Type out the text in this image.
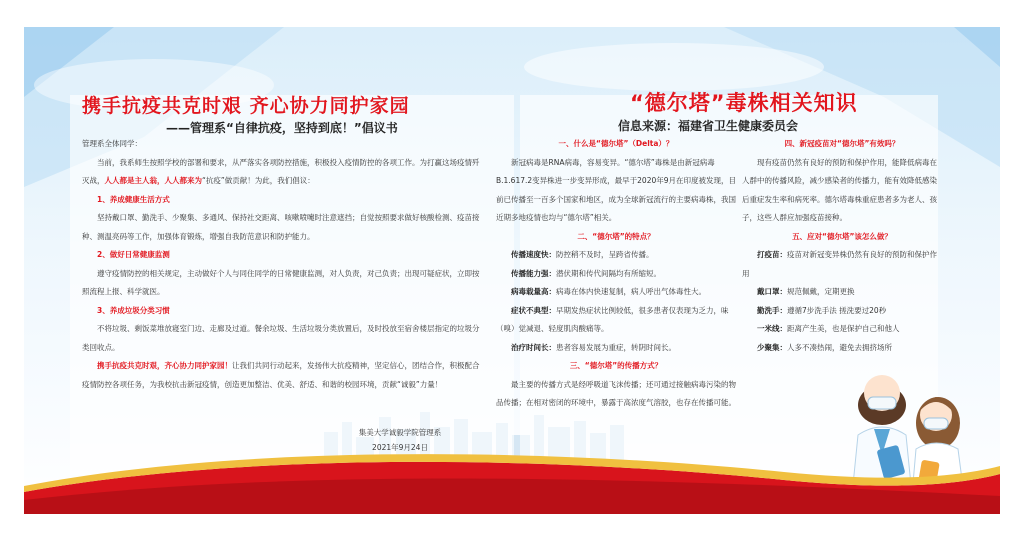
携手抗疫共克时艰 齐心协力同护家园
——管理系“自律抗疫，坚持到底！”倡议书

管理系全体同学：

当前，我系师生按照学校的部署和要求，从严落实各项防控措施，积极投入疫情防控的各项工作。为打赢这场疫情歼灭战，人人都是主人翁，人人都来为“抗疫”做贡献！为此，我们倡议：

1、养成健康生活方式

坚持戴口罩、勤洗手、少聚集、多通风、保持社交距离、咳嗽喷嚏时注意遮挡；自觉按照要求做好核酸检测、疫苗接种、测温亮码等工作，加强体育锻炼，增强自我防范意识和防护能力。

2、做好日常健康监测

遵守疫情防控的相关规定，主动做好个人与同住同学的日常健康监测，对人负责，对己负责；出现可疑症状，立即按照流程上报、科学就医。

3、养成垃圾分类习惯

不将垃圾、剩饭菜堆放寝室门边、走廊及过道。餐余垃圾、生活垃圾分类放置后，及时投放至宿舍楼层指定的垃圾分类回收点。

携手抗疫共克时艰，齐心协力同护家园！让我们共同行动起来，发扬伟大抗疫精神，坚定信心，团结合作，积极配合疫情防控各项任务，为我校抗击新冠疫情，创造更加整洁、优美、舒适、和谐的校园环境，贡献“诚毅”力量！

集美大学诚毅学院管理系
2021年9月24日
“德尔塔”毒株相关知识
信息来源：福建省卫生健康委员会

一、什么是“德尔塔”（Delta）？

新冠病毒是RNA病毒，容易变异。“德尔塔”毒株是由新冠病毒B.1.617.2变异株进一步变异形成，最早于2020年9月在印度被发现，目前已传播至一百多个国家和地区，成为全球新冠流行的主要病毒株，我国近期多地疫情也均与“德尔塔”相关。

二、“德尔塔”的特点？

传播速度快：防控稍不及时，呈跨省传播。

传播能力强：潜伏期和传代间隔均有所缩短。

病毒载量高：病毒在体内快速复制，病人呼出气体毒性大。

症状不典型：早期发热症状比例较低，很多患者仅表现为乏力，味（嗅）觉减退、轻度肌肉酸痛等。

治疗时间长：患者容易发展为重症，转阴时间长。

三、“德尔塔”的传播方式？

最主要的传播方式是经呼吸道飞沫传播；还可通过接触病毒污染的物品传播；在相对密闭的环境中，暴露于高浓度气溶胶，也存在传播可能。

四、新冠疫苗对“德尔塔”有效吗？

现有疫苗仍然有良好的预防和保护作用，能降低病毒在人群中的传播风险，减少感染者的传播力，能有效降低感染后重症发生率和病死率。德尔塔毒株重症患者多为老人、孩子，这些人群应加强疫苗接种。

五、应对“德尔塔”该怎么做？

打疫苗：疫苗对新冠变异株仍然有良好的预防和保护作用

戴口罩：规范佩戴，定期更换

勤洗手：遵循7步洗手法 搓洗要过20秒

一米线：距离产生美，也是保护自己和他人

少聚集：人多不凑热闹，避免去拥挤场所
